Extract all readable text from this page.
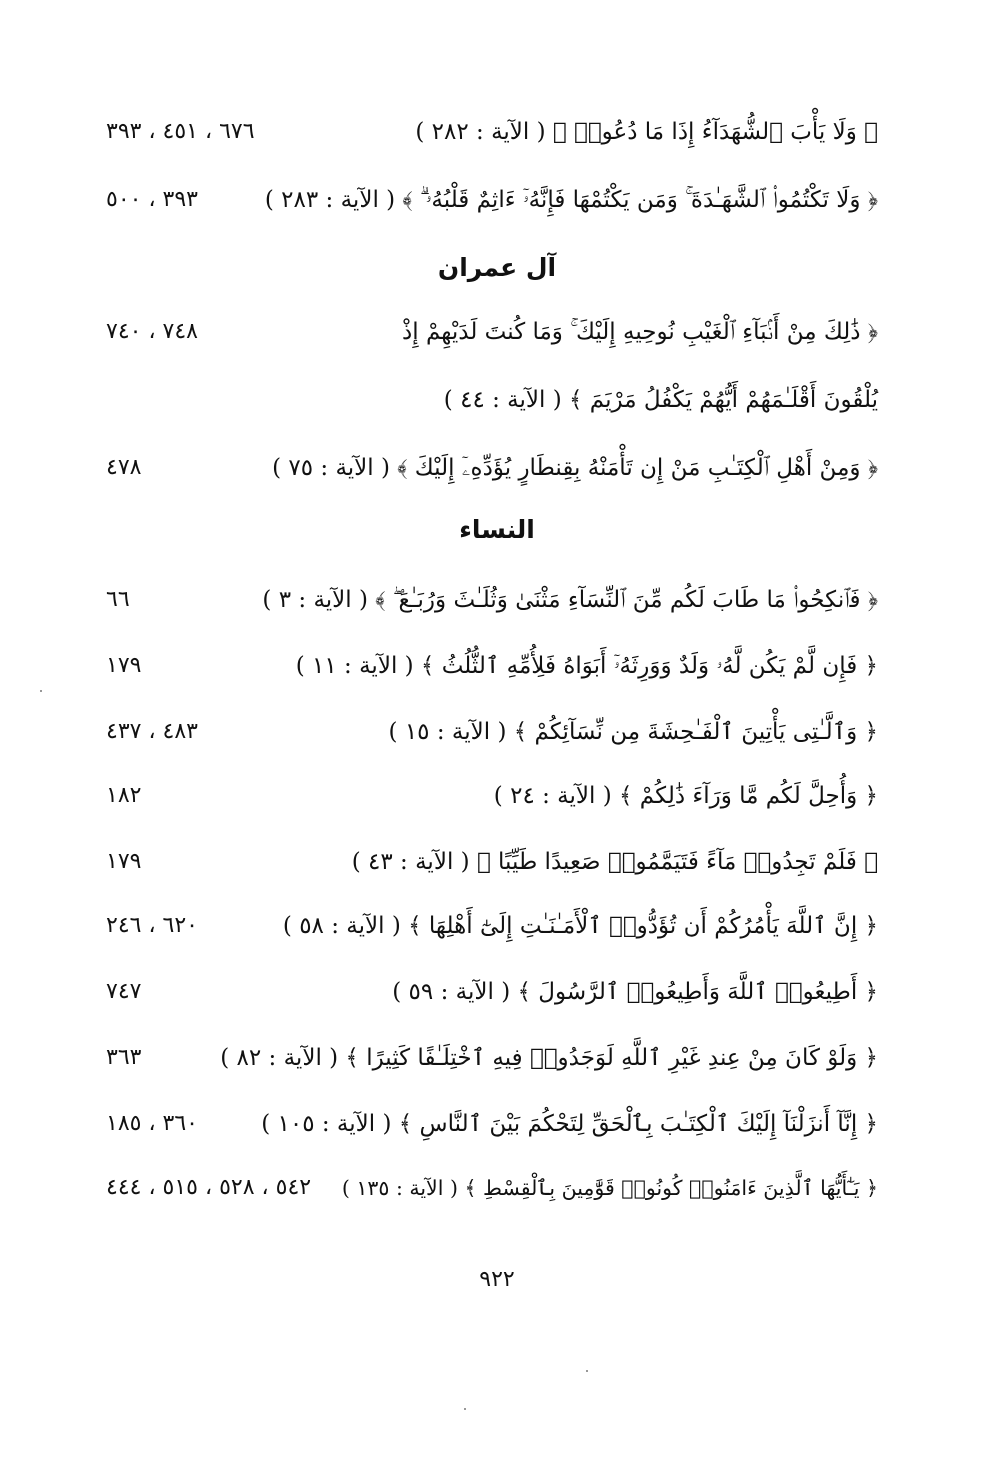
﴿ وَلَا يَأْبَ ٱلشُّهَدَآءُ إِذَا مَا دُعُوا۟ ﴾ ( الآية : ٢٨٢ )
٦٧٦ ، ٤٥١ ، ٣٩٣
﴿ وَلَا تَكْتُمُوا۟ ٱلشَّهَـٰدَةَ ۚ وَمَن يَكْتُمْهَا فَإِنَّهُۥٓ ءَاثِمٌ قَلْبُهُۥ ۗ ﴾ ( الآية : ٢٨٣ )
٣٩٣ ، ٥٠٠
آل عمران
﴿ ذَٰلِكَ مِنْ أَنۢبَآءِ ٱلْغَيْبِ نُوحِيهِ إِلَيْكَ ۚ وَمَا كُنتَ لَدَيْهِمْ إِذْ
٧٤٨ ، ٧٤٠
يُلْقُونَ أَقْلَـٰمَهُمْ أَيُّهُمْ يَكْفُلُ مَرْيَمَ ﴾ ( الآية : ٤٤ )
﴿ وَمِنْ أَهْلِ ٱلْكِتَـٰبِ مَنْ إِن تَأْمَنْهُ بِقِنطَارٍ يُؤَدِّهِۦٓ إِلَيْكَ ﴾ ( الآية : ٧٥ )
٤٧٨
النساء
﴿ فَٱنكِحُوا۟ مَا طَابَ لَكُم مِّنَ ٱلنِّسَآءِ مَثْنَىٰ وَثُلَـٰثَ وَرُبَـٰعَ ۖ ﴾ ( الآية : ٣ )
٦٦
﴿ فَإِن لَّمْ يَكُن لَّهُۥ وَلَدٌ وَوَرِثَهُۥٓ أَبَوَاهُ فَلِأُمِّهِ ٱلثُّلُثُ ﴾ ( الآية : ١١ )
١٧٩
﴿ وَٱلَّـٰتِى يَأْتِينَ ٱلْفَـٰحِشَةَ مِن نِّسَآئِكُمْ ﴾ ( الآية : ١٥ )
٤٨٣ ، ٤٣٧
﴿ وَأُحِلَّ لَكُم مَّا وَرَآءَ ذَٰلِكُمْ ﴾ ( الآية : ٢٤ )
١٨٢
﴿ فَلَمْ تَجِدُوا۟ مَآءً فَتَيَمَّمُوا۟ صَعِيدًا طَيِّبًا ﴾ ( الآية : ٤٣ )
١٧٩
﴿ إِنَّ ٱللَّهَ يَأْمُرُكُمْ أَن تُؤَدُّوا۟ ٱلْأَمَـٰنَـٰتِ إِلَىٰٓ أَهْلِهَا ﴾ ( الآية : ٥٨ )
٦٢٠ ، ٢٤٦
﴿ أَطِيعُوا۟ ٱللَّهَ وَأَطِيعُوا۟ ٱلرَّسُولَ ﴾ ( الآية : ٥٩ )
٧٤٧
﴿ وَلَوْ كَانَ مِنْ عِندِ غَيْرِ ٱللَّهِ لَوَجَدُوا۟ فِيهِ ٱخْتِلَـٰفًا كَثِيرًا ﴾ ( الآية : ٨٢ )
٣٦٣
﴿ إِنَّآ أَنزَلْنَآ إِلَيْكَ ٱلْكِتَـٰبَ بِٱلْحَقِّ لِتَحْكُمَ بَيْنَ ٱلنَّاسِ ﴾ ( الآية : ١٠٥ )
٣٦٠ ، ١٨٥
﴿ يَـٰٓأَيُّهَا ٱلَّذِينَ ءَامَنُوا۟ كُونُوا۟ قَوَّٰمِينَ بِٱلْقِسْطِ ﴾ ( الآية : ١٣٥ )
٥٤٢ ، ٥٢٨ ، ٥١٥ ، ٤٤٤
٩٢٢
